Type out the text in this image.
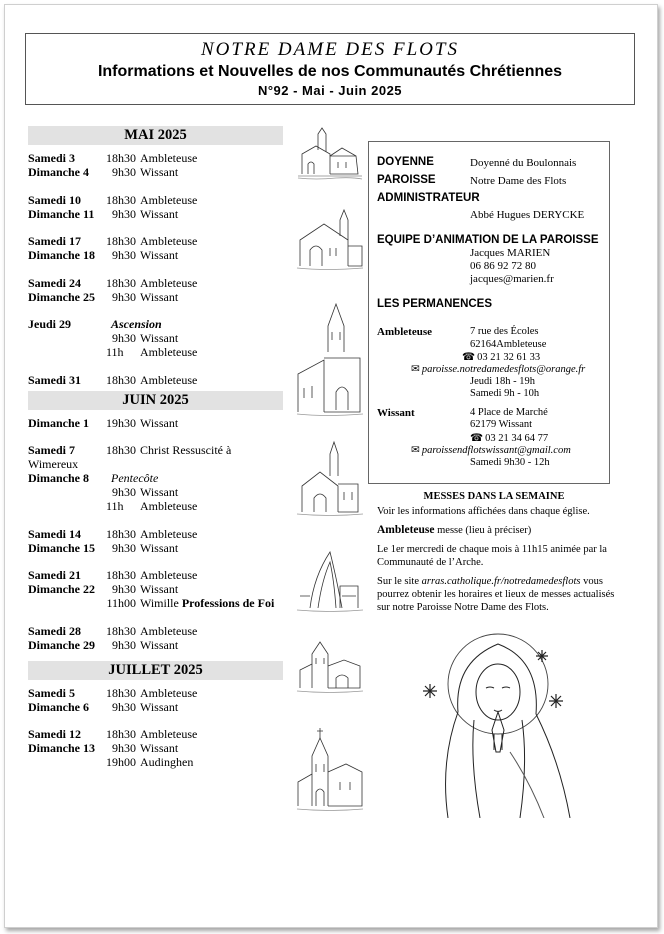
NOTRE DAME DES FLOTS
Informations et Nouvelles de nos Communautés Chrétiennes
N°92 - Mai - Juin 2025
MAI 2025
Samedi 3	18h30 Ambleteuse
Dimanche 4	9h30 Wissant
Samedi 10 18h30 Ambleteuse
Dimanche 11	9h30 Wissant
Samedi 17 18h30 Ambleteuse
Dimanche 18	9h30 Wissant
Samedi 24 18h30 Ambleteuse
Dimanche 25	9h30 Wissant
Jeudi 29	Ascension
9h30 Wissant
11h	Ambleteuse
Samedi 31 18h30 Ambleteuse
JUIN 2025
Dimanche 1 19h30 Wissant
Samedi 7	18h30 Christ Ressuscité à
Wimereux
Dimanche 8 Pentecôte
9h30 Wissant
11h	Ambleteuse
Samedi 14 18h30 Ambleteuse
Dimanche 15	9h30 Wissant
Samedi 21 18h30 Ambleteuse
Dimanche 22	9h30 Wissant
11h00 Wimille Professions de Foi
Samedi 28 18h30 Ambleteuse
Dimanche 29	9h30 Wissant
JUILLET 2025
Samedi 5	18h30 Ambleteuse
Dimanche 6	9h30 Wissant
Samedi 12 18h30 Ambleteuse
Dimanche 13	9h30 Wissant
19h00 Audinghen
DOYENNE	Doyenné du Boulonnais
PAROISSE	Notre Dame des Flots
ADMINISTRATEUR
Abbé Hugues DERYCKE
EQUIPE D’ANIMATION DE LA PAROISSE
Jacques MARIEN
06 86 92 72 80
jacques@marien.fr
LES PERMANENCES
Ambleteuse	7 rue des Écoles
62164Ambleteuse
☎ 03 21 32 61 33
✉ paroisse.notredamedesflots@orange.fr
Jeudi 18h - 19h
Samedi 9h - 10h
Wissant	4 Place de Marché
62179 Wissant
☎ 03 21 34 64 77
✉ paroissendflotswissant@gmail.com
Samedi 9h30 - 12h
MESSES DANS LA SEMAINE

Voir les informations affichées dans chaque église.

Ambleteuse messe (lieu à préciser)

Le 1er mercredi de chaque mois à 11h15 animée par la Communauté de l’Arche.

Sur le site arras.catholique.fr/notredamedesflots vous pourrez obtenir les horaires et lieux de messes actualisés sur notre Paroisse Notre Dame des Flots.
